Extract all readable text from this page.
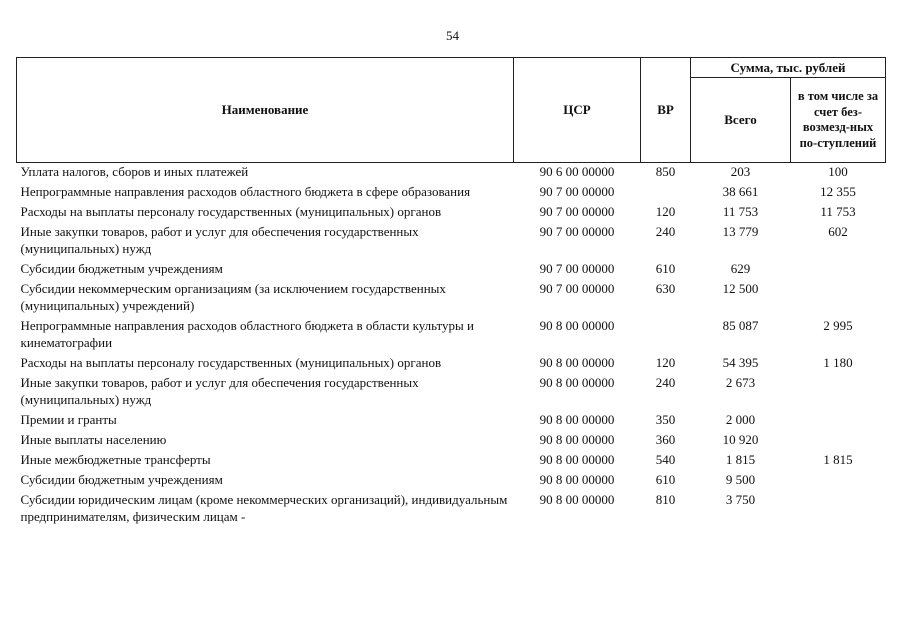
54
Наименование	ЦСР	ВР	Сумма, тыс. рублей	
			Всего	в том числе за счет без-возмезд-ных по-ступлений
Уплата налогов, сборов и иных платежей	90 6 00 00000	850	203	100
Непрограммные направления расходов областного бюджета в сфере образования	90 7 00 00000		38 661	12 355
Расходы на выплаты персоналу государственных (муниципальных) органов	90 7 00 00000	120	11 753	11 753
Иные закупки товаров, работ и услуг для обеспечения государственных (муниципальных) нужд	90 7 00 00000	240	13 779	602
Субсидии бюджетным учреждениям	90 7 00 00000	610	629	
Субсидии некоммерческим организациям (за исключением государственных (муниципальных) учреждений)	90 7 00 00000	630	12 500	
Непрограммные направления расходов областного бюджета в области культуры и кинематографии	90 8 00 00000		85 087	2 995
Расходы на выплаты персоналу государственных (муниципальных) органов	90 8 00 00000	120	54 395	1 180
Иные закупки товаров, работ и услуг для обеспечения государственных (муниципальных) нужд	90 8 00 00000	240	2 673	
Премии и гранты	90 8 00 00000	350	2 000	
Иные выплаты населению	90 8 00 00000	360	10 920	
Иные межбюджетные трансферты	90 8 00 00000	540	1 815	1 815
Субсидии бюджетным учреждениям	90 8 00 00000	610	9 500	
Субсидии юридическим лицам (кроме некоммерческих организаций), индивидуальным предпринимателям, физическим лицам -	90 8 00 00000	810	3 750	
